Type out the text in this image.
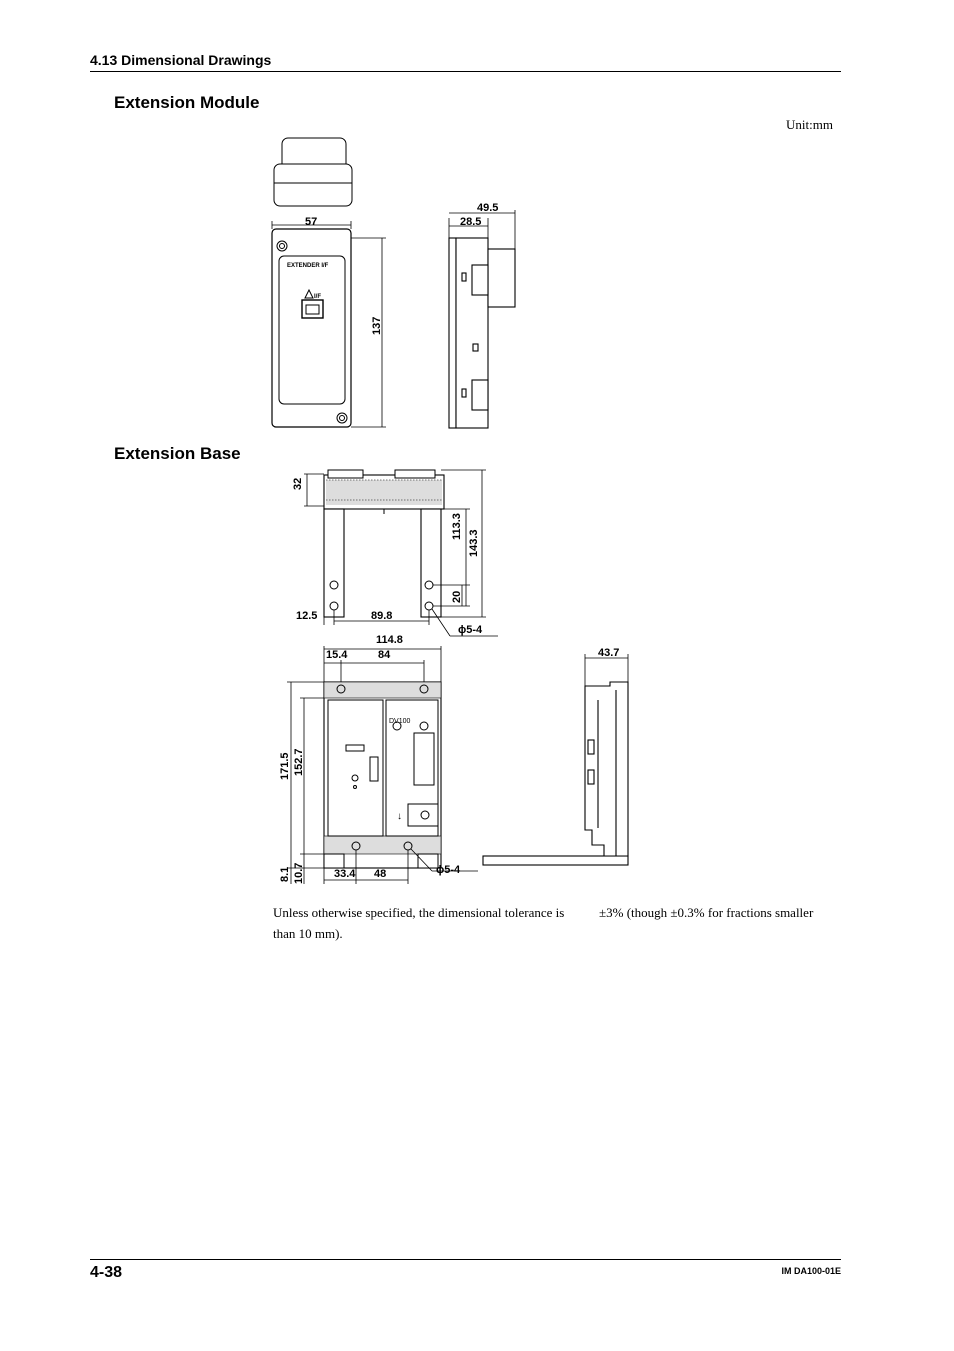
4.13 Dimensional Drawings
Extension Module
Unit:mm
Extension Base
EXTENDER I/F
I/F
57
137
49.5
28.5
32
113.3
143.3
20
12.5	89.8
ϕ5-4
DV100
↓
114.8
15.4	84
171.5 152.7
8.1 10.7	33.4 48	ϕ5-4
43.7
Unless otherwise specified, the dimensional tolerance is	±3% (though ±0.3% for fractions smaller
than 10 mm).
4-38	IM DA100-01E
